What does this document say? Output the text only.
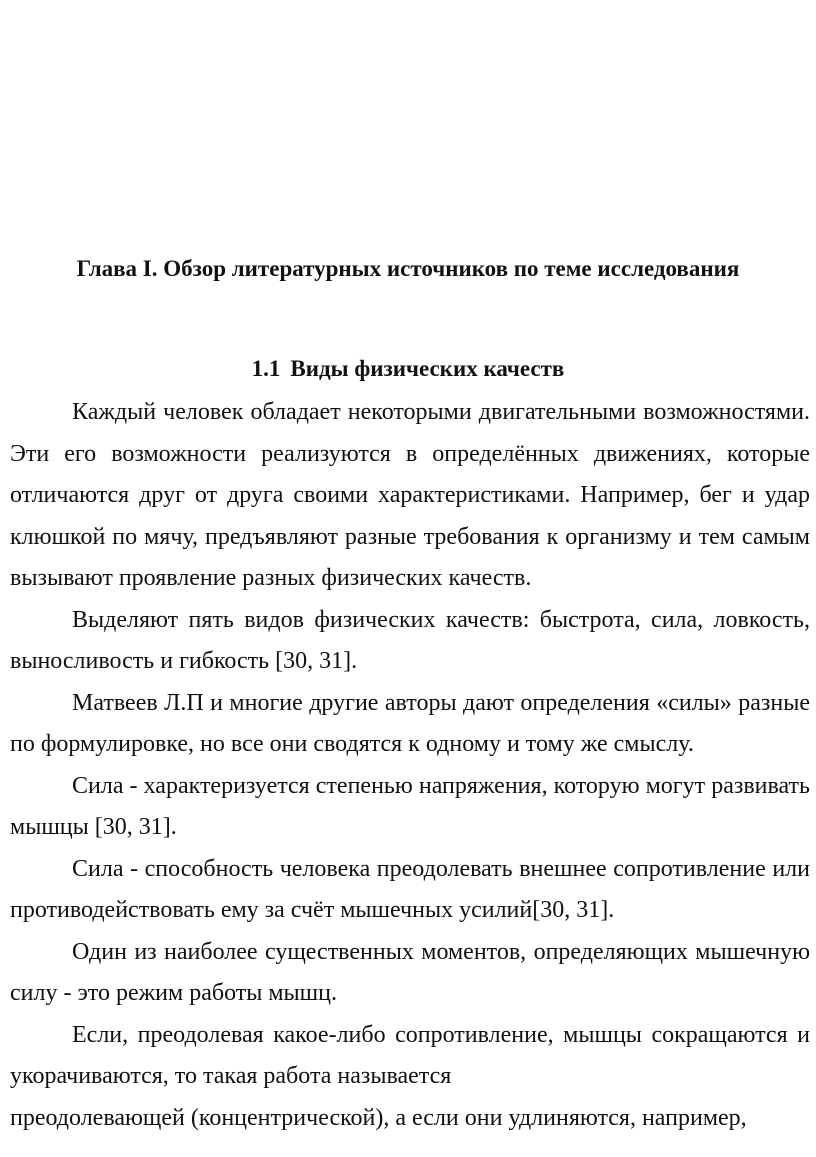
Глава I. Обзор литературных источников по теме исследования
1.1 Виды физических качеств

Каждый человек обладает некоторыми двигательными возможностями. Эти его возможности реализуются в определённых движениях, которые отличаются друг от друга своими характеристиками. Например, бег и удар клюшкой по мячу, предъявляют разные требования к организму и тем самым вызывают проявление разных физических качеств.

Выделяют пять видов физических качеств: быстрота, сила, ловкость, выносливость и гибкость [30, 31].

Матвеев Л.П и многие другие авторы дают определения «силы» разные по формулировке, но все они сводятся к одному и тому же смыслу.

Сила - характеризуется степенью напряжения, которую могут развивать мышцы [30, 31].

Сила - способность человека преодолевать внешнее сопротивление или противодействовать ему за счёт мышечных усилий[30, 31].

Один из наиболее существенных моментов, определяющих мышечную силу - это режим работы мышц.

Если, преодолевая какое-либо сопротивление, мышцы сокращаются и укорачиваются, то такая работа называется
преодолевающей (концентрической), а если они удлиняются, например,
